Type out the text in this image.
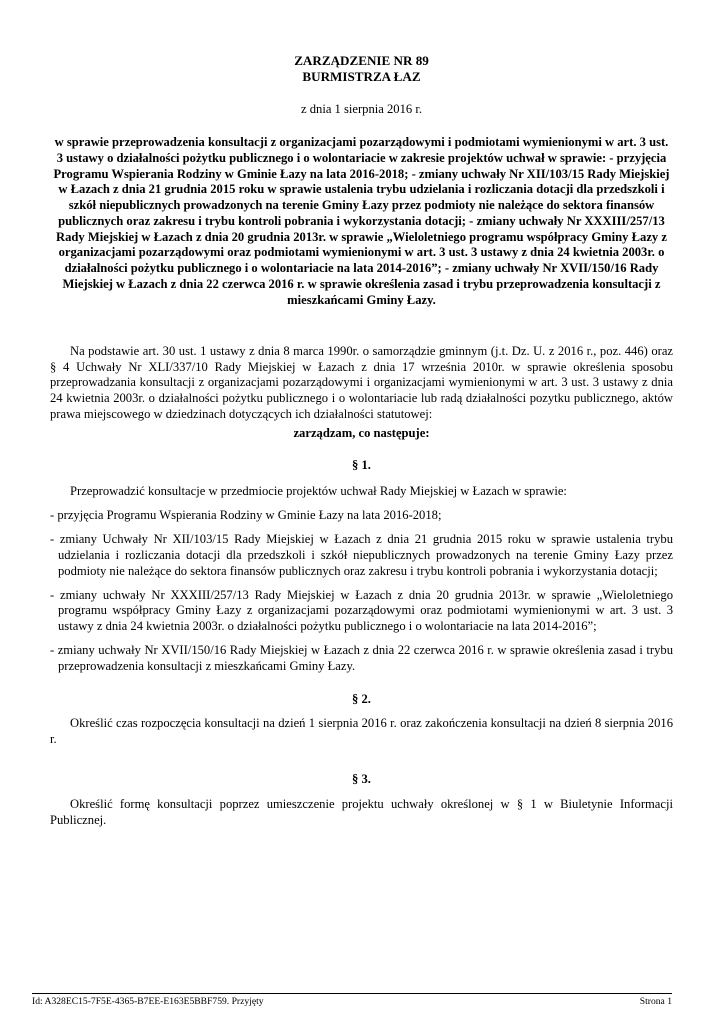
ZARZĄDZENIE NR 89
BURMISTRZA ŁAZ
z dnia 1 sierpnia 2016 r.
w sprawie przeprowadzenia konsultacji z organizacjami pozarządowymi i podmiotami wymienionymi w art. 3 ust. 3 ustawy o działalności pożytku publicznego i o wolontariacie w zakresie projektów uchwał w sprawie: - przyjęcia Programu Wspierania Rodziny w Gminie Łazy na lata 2016-2018; - zmiany uchwały Nr XII/103/15 Rady Miejskiej w Łazach z dnia 21 grudnia 2015 roku w sprawie ustalenia trybu udzielania i rozliczania dotacji dla przedszkoli i szkół niepublicznych prowadzonych na terenie Gminy Łazy przez podmioty nie należące do sektora finansów publicznych oraz zakresu i trybu kontroli pobrania i wykorzystania dotacji; - zmiany uchwały Nr XXXIII/257/13 Rady Miejskiej w Łazach z dnia 20 grudnia 2013r. w sprawie „Wieloletniego programu współpracy Gminy Łazy z organizacjami pozarządowymi oraz podmiotami wymienionymi w art. 3 ust. 3 ustawy z dnia 24 kwietnia 2003r. o działalności pożytku publicznego i o wolontariacie na lata 2014-2016”; - zmiany uchwały Nr XVII/150/16 Rady Miejskiej w Łazach z dnia 22 czerwca 2016 r. w sprawie określenia zasad i trybu przeprowadzenia konsultacji z mieszkańcami Gminy Łazy.
Na podstawie art. 30 ust. 1 ustawy z dnia 8 marca 1990r. o samorządzie gminnym (j.t. Dz. U. z 2016 r., poz. 446) oraz § 4 Uchwały Nr XLI/337/10 Rady Miejskiej w Łazach z dnia 17 września 2010r. w sprawie określenia sposobu przeprowadzania konsultacji z organizacjami pozarządowymi i organizacjami wymienionymi w art. 3 ust. 3 ustawy z dnia 24 kwietnia 2003r. o działalności pożytku publicznego i o wolontariacie lub radą działalności pozytku publicznego, aktów prawa miejscowego w dziedzinach dotyczących ich działalności statutowej:
zarządzam, co następuje:
§ 1.
Przeprowadzić konsultacje w przedmiocie projektów uchwał Rady Miejskiej w Łazach w sprawie:
- przyjęcia Programu Wspierania Rodziny w Gminie Łazy na lata 2016-2018;
- zmiany Uchwały Nr XII/103/15 Rady Miejskiej w Łazach z dnia 21 grudnia 2015 roku w sprawie ustalenia trybu udzielania i rozliczania dotacji dla przedszkoli i szkół niepublicznych prowadzonych na terenie Gminy Łazy przez podmioty nie należące do sektora finansów publicznych oraz zakresu i trybu kontroli pobrania i wykorzystania dotacji;
- zmiany uchwały Nr XXXIII/257/13 Rady Miejskiej w Łazach z dnia 20 grudnia 2013r. w sprawie „Wieloletniego programu współpracy Gminy Łazy z organizacjami pozarządowymi oraz podmiotami wymienionymi w art. 3 ust. 3 ustawy z dnia 24 kwietnia 2003r. o działalności pożytku publicznego i o wolontariacie na lata 2014-2016”;
- zmiany uchwały Nr XVII/150/16 Rady Miejskiej w Łazach z dnia 22 czerwca 2016 r. w sprawie określenia zasad i trybu przeprowadzenia konsultacji z mieszkańcami Gminy Łazy.
§ 2.
Określić czas rozpoczęcia konsultacji na dzień 1 sierpnia 2016 r. oraz zakończenia konsultacji na dzień 8 sierpnia 2016 r.
§ 3.
Określić formę konsultacji poprzez umieszczenie projektu uchwały określonej w § 1 w Biuletynie Informacji Publicznej.
Id: A328EC15-7F5E-4365-B7EE-E163E5BBF759. Przyjęty	Strona 1
